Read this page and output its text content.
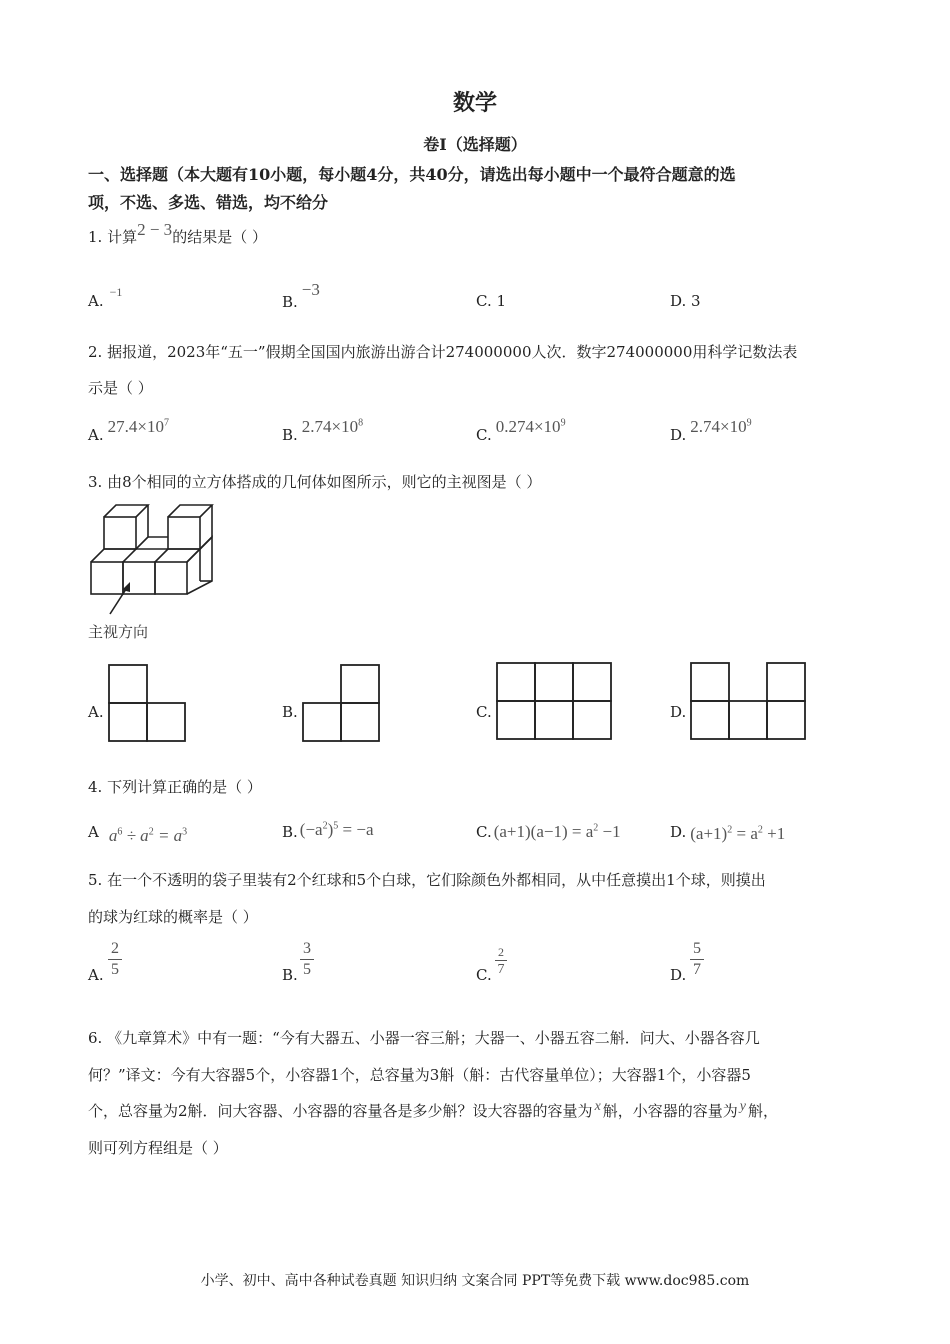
数学
卷Ⅰ（选择题）
一、选择题（本大题有10小题，每小题4分，共40分，请选出每小题中一个最符合题意的选
项，不选、多选、错选，均不给分
1. 计算2 − 3的结果是（ ）
A. $^{-1}$
B.−3
C. 1	D. 3
2. 据报道，2023年“五一”假期全国国内旅游出游合计274000000人次．数字274000000用科学记数法表
示是（ ）
A. $27.4\times 10^7$
B. $2.74\times 10^8$
C. $0.274\times 10^9$
D. $2.74\times 10^9$
3. 由8个相同的立方体搭成的几何体如图所示，则它的主视图是（ ）
主视方向
A.	B.	C.	D.
4. 下列计算正确的是（ ）
A $a^6 \div a^2 = a^3$	B. $(-a^2)^5 = -a$	C. $(a+1)(a-1) = a^2 -1$	D. $(a+1)^2 = a^2 +1$
5. 在一个不透明的袋子里装有2个红球和5个白球，它们除颜色外都相同，从中任意摸出1个球，则摸出
的球为红球的概率是（ ）
A.
2
5	B.
3
5	C.
2
7	D.
5
7
6. 《九章算术》中有一题：“今有大器五、小器一容三斛；大器一、小器五容二斛．问大、小器各容几
何？”译文：今有大容器5个，小容器1个，总容量为3斛（斛：古代容量单位）；大容器1个，小容器5
个，总容量为2斛．问大容器、小容器的容量各是多少斛？设大容器的容量为 x 斛，小容器的容量为 y 斛，
则可列方程组是（ ）
小学、初中、高中各种试卷真题 知识归纳 文案合同 PPT等免费下载 www.doc985.com
